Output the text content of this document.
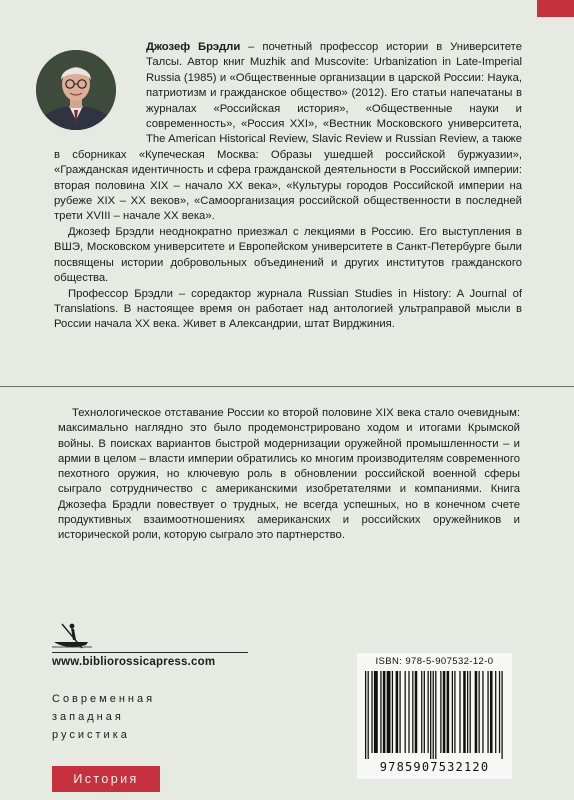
Джозеф Брэдли – почетный профессор истории в Университете Талсы. Автор книг Muzhik and Muscovite: Urbanization in Late-Imperial Russia (1985) и «Общественные организации в царской России: Наука, патриотизм и гражданское общество» (2012). Его статьи напечатаны в журналах «Российская история», «Общественные науки и современность», «Россия XXI», «Вестник Московского университета, The American Historical Review, Slavic Review и Russian Review, а также в сборниках «Купеческая Москва: Образы ушедшей российской буржуазии», «Гражданская идентичность и сфера гражданской деятельности в Российской империи: вторая половина XIX – начало XX века», «Культуры городов Российской империи на рубеже XIX – XX веков», «Самоорганизация российской общественности в последней трети XVIII – начале XX века».

Джозеф Брэдли неоднократно приезжал с лекциями в Россию. Его выступления в ВШЭ, Московском университете и Европейском университете в Санкт-Петербурге были посвящены истории добровольных объединений и других институтов гражданского общества.

Профессор Брэдли – соредактор журнала Russian Studies in History: A Journal of Translations. В настоящее время он работает над антологией ультраправой мысли в России начала XX века. Живет в Александрии, штат Вирджиния.

Технологическое отставание России ко второй половине XIX века стало очевидным: максимально наглядно это было продемонстрировано ходом и итогами Крымской войны. В поисках вариантов быстрой модернизации оружейной промышленности – и армии в целом – власти империи обратились ко многим производителям современного пехотного оружия, но ключевую роль в обновлении российской военной сферы сыграло сотрудничество с американскими изобретателями и компаниями. Книга Джозефа Брэдли повествует о трудных, не всегда успешных, но в конечном счете продуктивных взаимоотношениях американских и российских оружейников и исторической роли, которую сыграло это партнерство.

www.bibliorossicapress.com
Современная
западная
русистика
История
ISBN: 978-5-907532-12-0
9785907532120
